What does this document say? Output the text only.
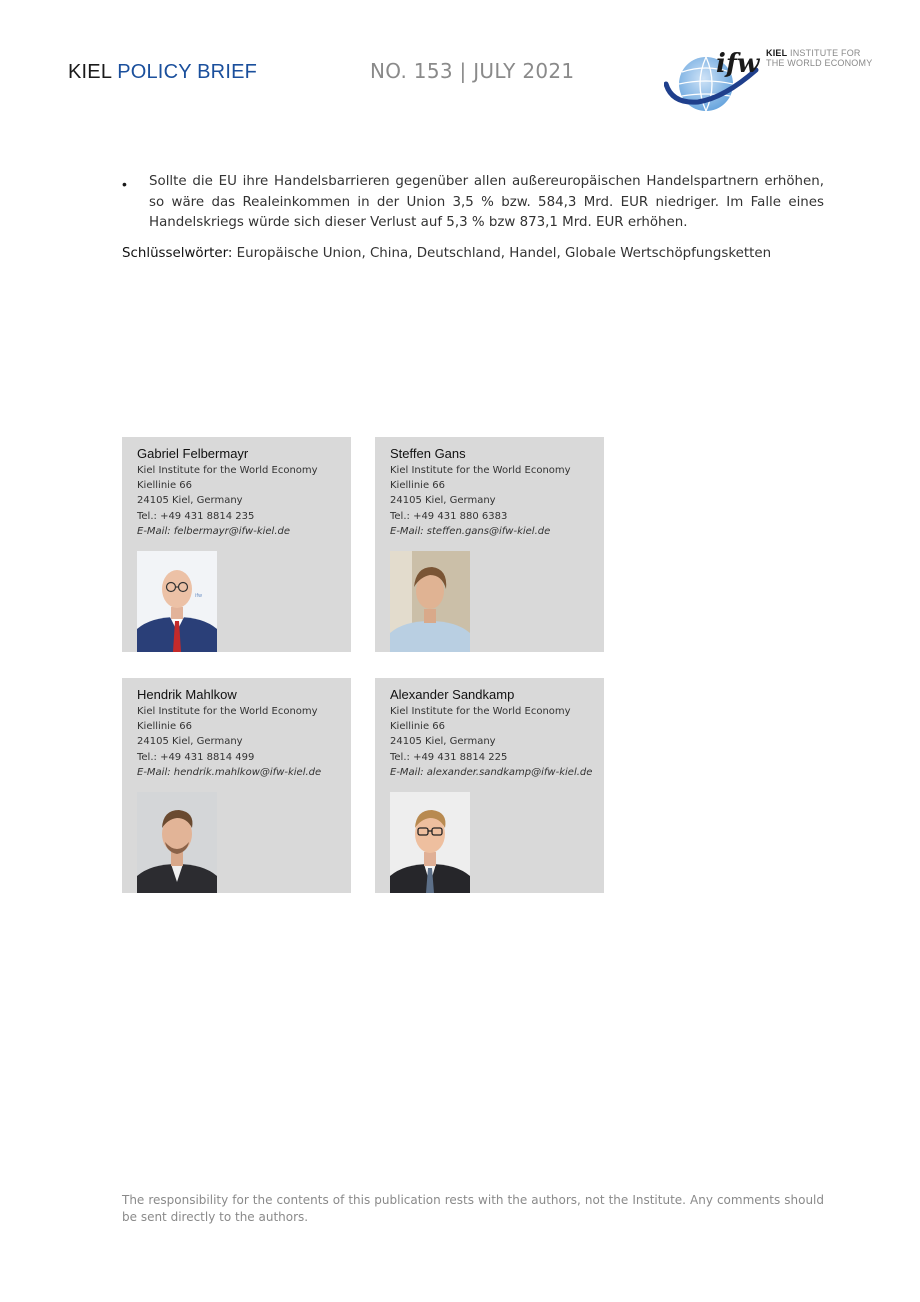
KIEL POLICY BRIEF	NO. 153 | JULY 2021	ifw KIEL INSTITUTE FOR
THE WORLD ECONOMY
• Sollte die EU ihre Handelsbarrieren gegenüber allen außereuropäischen Handelspartnern erhöhen, so wäre das Realeinkommen in der Union 3,5 % bzw. 584,3 Mrd. EUR niedriger. Im Falle eines Handelskriegs würde sich dieser Verlust auf 5,3 % bzw 873,1 Mrd. EUR erhöhen.
Schlüsselwörter: Europäische Union, China, Deutschland, Handel, Globale Wertschöpfungsketten
Gabriel Felbermayr
Kiel Institute for the World Economy
Kiellinie 66
24105 Kiel, Germany
Tel.: +49 431 8814 235
E-Mail: felbermayr@ifw-kiel.de
ifw
Steffen Gans
Kiel Institute for the World Economy
Kiellinie 66
24105 Kiel, Germany
Tel.: +49 431 880 6383
E-Mail: steffen.gans@ifw-kiel.de
Hendrik Mahlkow
Kiel Institute for the World Economy
Kiellinie 66
24105 Kiel, Germany
Tel.: +49 431 8814 499
E-Mail: hendrik.mahlkow@ifw-kiel.de
Alexander Sandkamp
Kiel Institute for the World Economy
Kiellinie 66
24105 Kiel, Germany
Tel.: +49 431 8814 225
E-Mail: alexander.sandkamp@ifw-kiel.de
The responsibility for the contents of this publication rests with the authors, not the Institute. Any comments should be sent directly to the authors.
